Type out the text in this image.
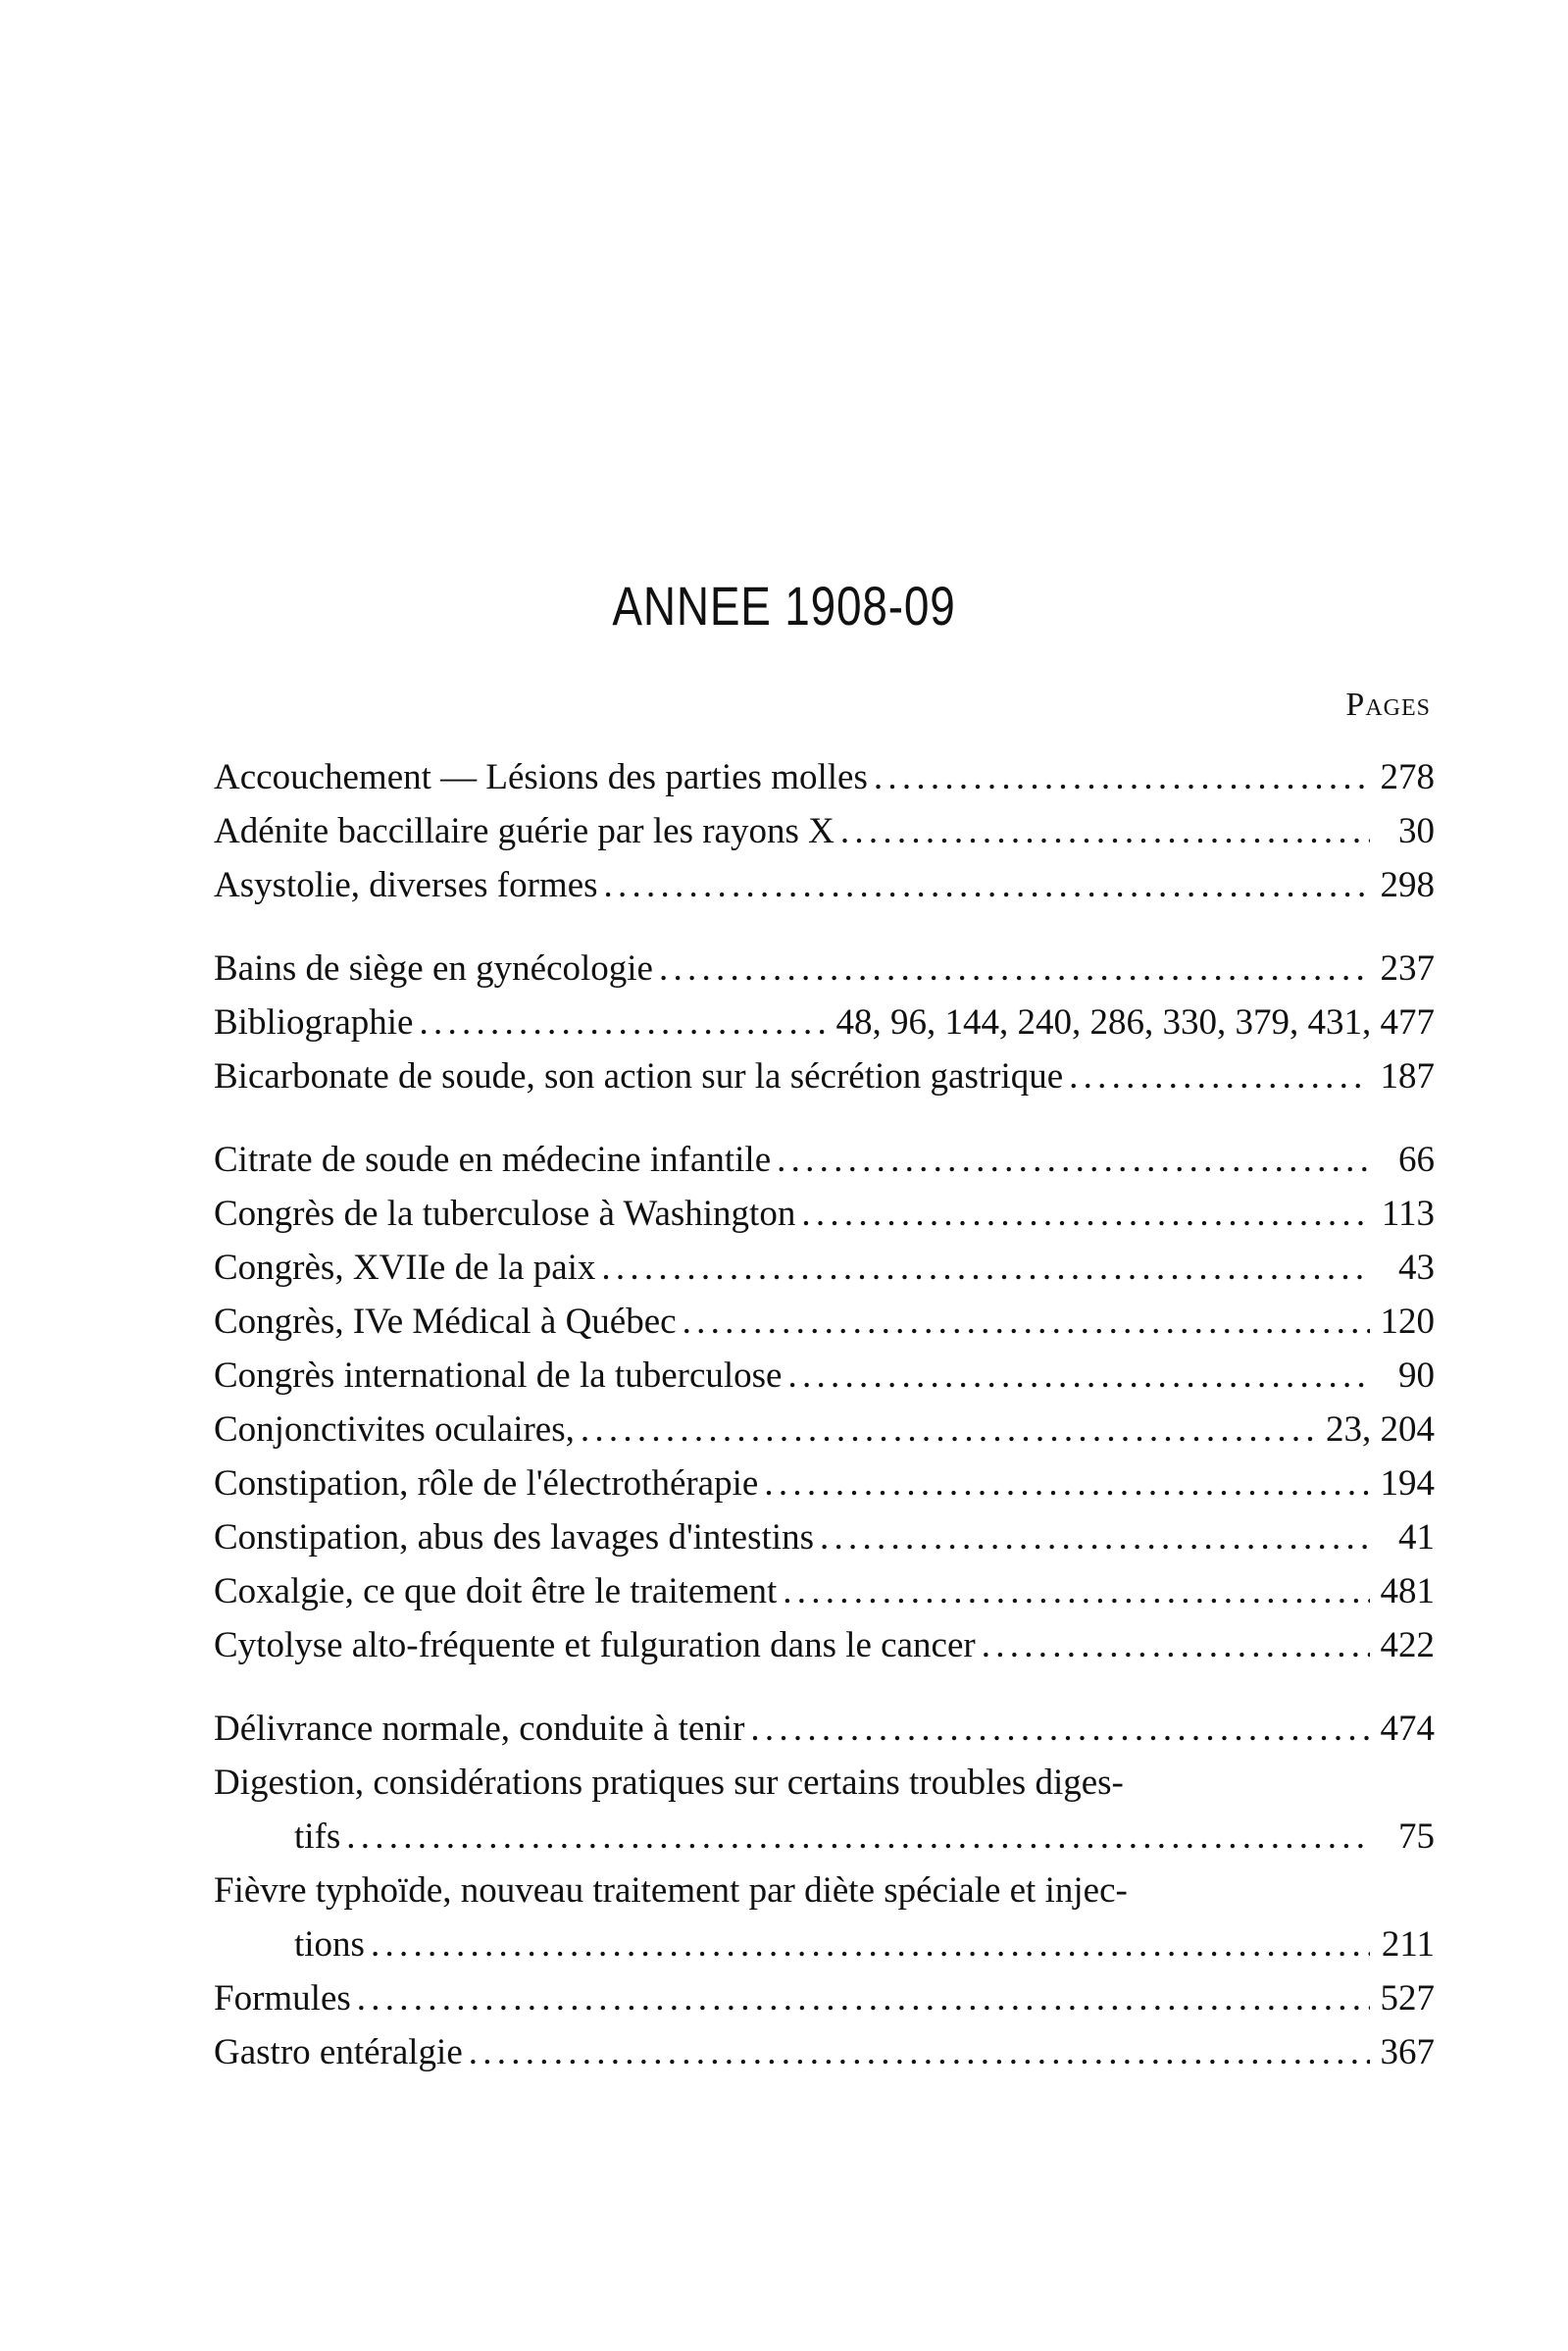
ANNEE 1908-09
Pages
Accouchement — Lésions des parties molles . . .	278
Adénite baccillaire guérie par les rayons X . . .	30
Asystolie, diverses formes . . .	298
Bains de siège en gynécologie . . .	237
Bibliographie . . .	48, 96, 144, 240, 286, 330, 379, 431, 477
Bicarbonate de soude, son action sur la sécrétion gastrique . . .	187
Citrate de soude en médecine infantile . . .	66
Congrès de la tuberculose à Washington . . .	113
Congrès, XVIIe de la paix . . .	43
Congrès, IVe Médical à Québec . . .	120
Congrès international de la tuberculose . . .	90
Conjonctivites oculaires, . . .	23, 204
Constipation, rôle de l'électrothérapie . . .	194
Constipation, abus des lavages d'intestins . . .	41
Coxalgie, ce que doit être le traitement . . .	481
Cytolyse alto-fréquente et fulguration dans le cancer . . .	422
Délivrance normale, conduite à tenir . . .	474
Digestion, considérations pratiques sur certains troubles diges-
tifs . . .	75
Fièvre typhoïde, nouveau traitement par diète spéciale et injec-
tions . . .	211
Formules . . .	527
Gastro entéralgie . . .	367
